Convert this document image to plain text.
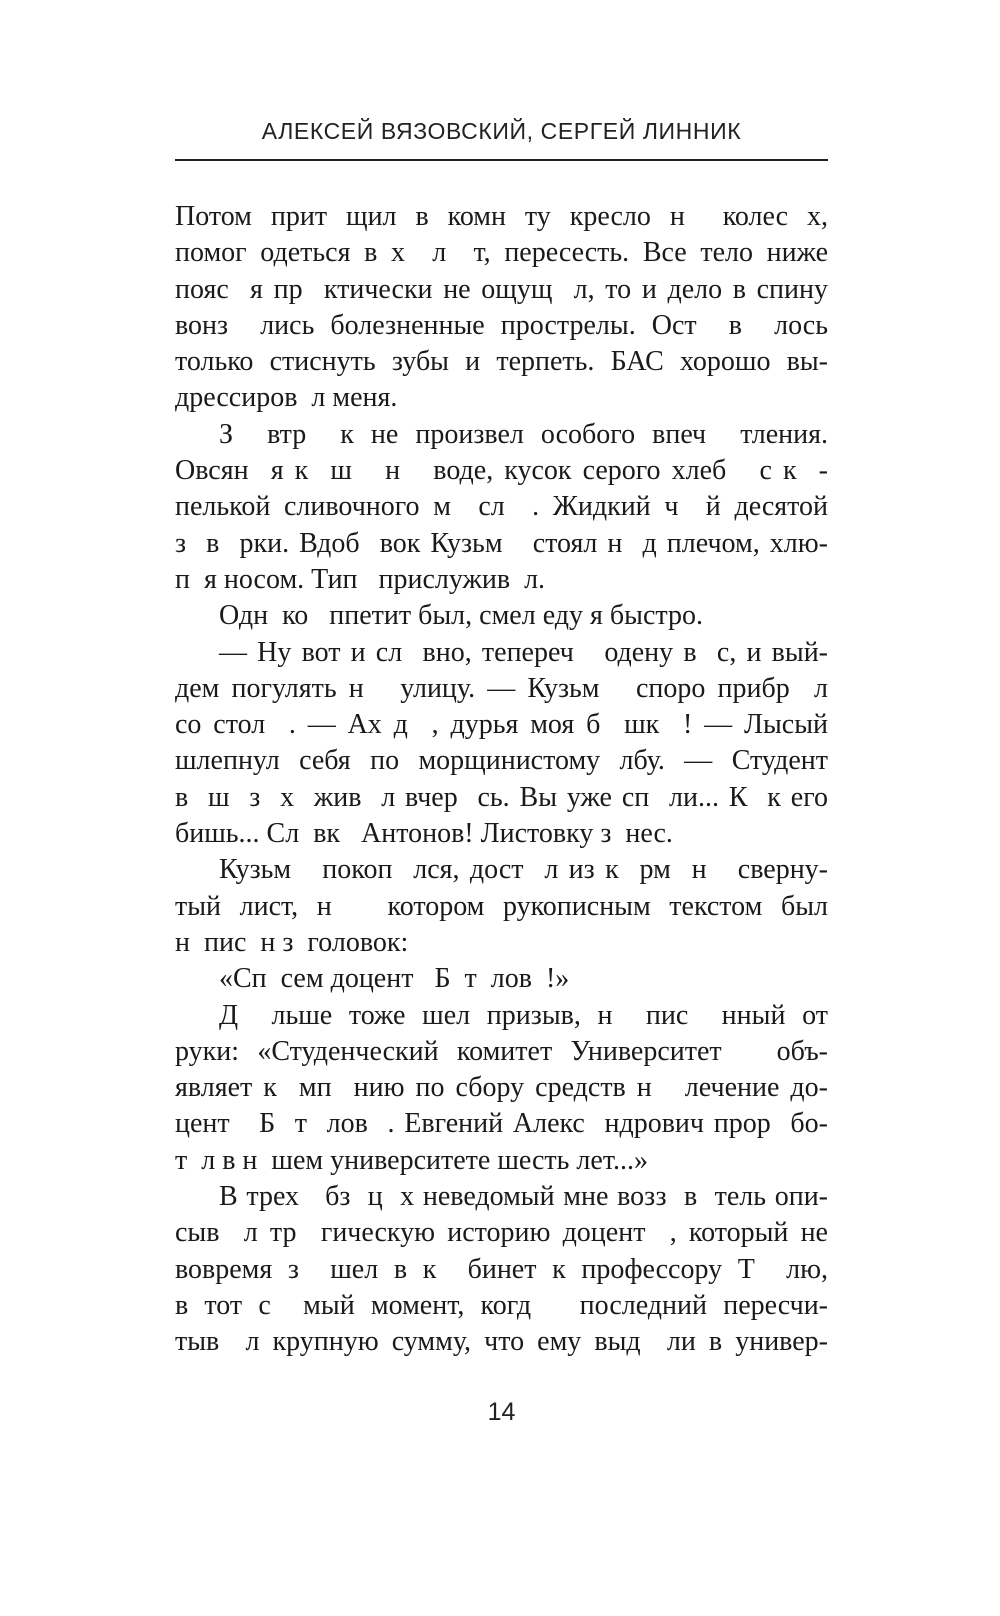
АЛЕКСЕЙ ВЯЗОВСКИЙ, СЕРГЕЙ ЛИННИК
Потом прит щил в комн ту кресло н  колес х,
помог одеться в х  л  т, пересесть. Все тело ниже
пояс  я пр  ктически не ощущ  л, то и дело в спину
вонз  лись болезненные прострелы. Ост  в  лось
только стиснуть зубы и терпеть. БАС хорошо вы-
дрессиров  л меня.
З  втр  к не произвел особого впеч  тления.
Овсян  я к  ш   н   воде, кусок серого хлеб   с к  -
пелькой сливочного м  сл  . Жидкий ч  й десятой
з  в  рки. Вдоб  вок Кузьм   стоял н  д плечом, хлю-
п  я носом. Тип   прислужив  л.
Одн  ко   ппетит был, смел еду я быстро.
— Ну вот и сл  вно, тепереч   одену в  с, и вый-
дем погулять н   улицу. — Кузьм   споро прибр  л
со стол  . — Ах д  , дурья моя б  шк  ! — Лысый
шлепнул себя по морщинистому лбу. — Студент
в  ш  з  х  жив  л вчер  сь. Вы уже сп  ли... К  к его
бишь... Сл  вк   Антонов! Листовку з  нес.
Кузьм   покоп  лся, дост  л из к  рм  н   сверну-
тый лист, н   котором рукописным текстом был
н  пис  н з  головок:
«Сп  сем доцент   Б  т  лов  !»
Д  льше тоже шел призыв, н  пис  нный от
руки: «Студенческий комитет Университет   объ-
являет к  мп  нию по сбору средств н   лечение до-
цент   Б  т  лов  . Евгений Алекс  ндрович прор  бо-
т  л в н  шем университете шесть лет...»
В трех   бз  ц  х неведомый мне возз  в  тель опи-
сыв  л тр  гическую историю доцент  , который не
вовремя з  шел в к  бинет к профессору Т  лю,
в тот с  мый момент, когд   последний пересчи-
тыв  л крупную сумму, что ему выд  ли в универ-
14
